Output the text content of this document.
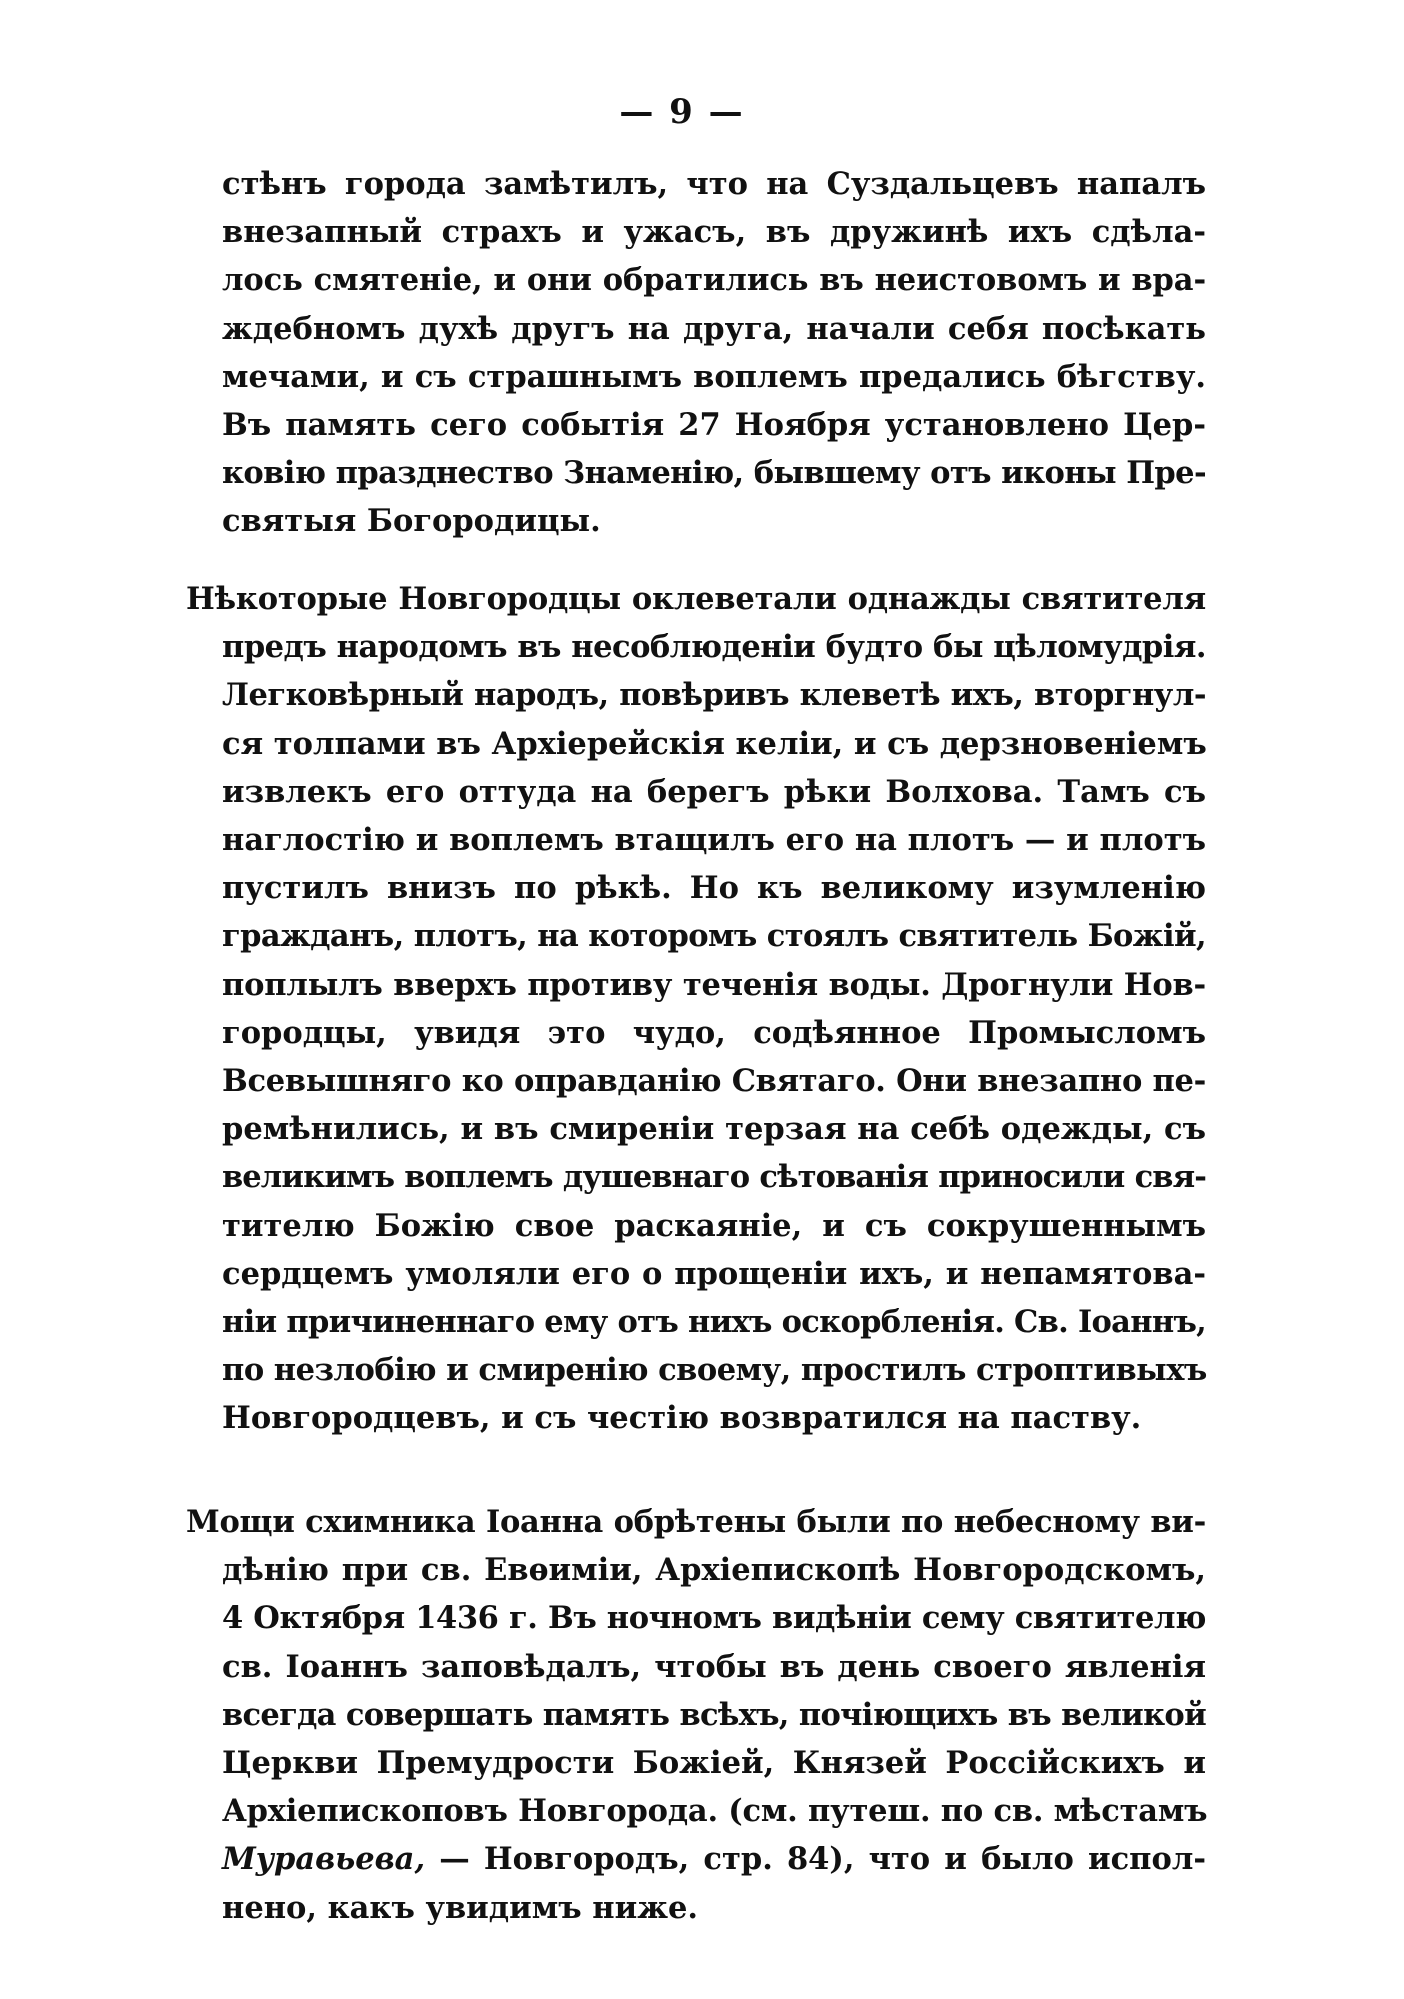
— 9 —
стѣнъ города замѣтилъ, что на Суздальцевъ напалъ
внезапный страхъ и ужасъ, въ дружинѣ ихъ сдѣла-
лось смятеніе, и они обратились въ неистовомъ и вра-
ждебномъ духѣ другъ на друга, начали себя посѣкать
мечами, и съ страшнымъ воплемъ предались бѣгству.
Въ память сего событія 27 Ноября установлено Цер-
ковію празднество Знаменію, бывшему отъ иконы Пре-
святыя Богородицы.
Нѣкоторые Новгородцы оклеветали однажды святителя
предъ народомъ въ несоблюденіи будто бы цѣломудрія.
Легковѣрный народъ, повѣривъ клеветѣ ихъ, вторгнул-
ся толпами въ Архіерейскія келіи, и съ дерзновеніемъ
извлекъ его оттуда на берегъ рѣки Волхова. Тамъ съ
наглостію и воплемъ втащилъ его на плотъ — и плотъ
пустилъ внизъ по рѣкѣ. Но къ великому изумленію
гражданъ, плотъ, на которомъ стоялъ святитель Божій,
поплылъ вверхъ противу теченія воды. Дрогнули Нов-
городцы, увидя это чудо, содѣянное Промысломъ
Всевышняго ко оправданію Святаго. Они внезапно пе-
ремѣнились, и въ смиреніи терзая на себѣ одежды, съ
великимъ воплемъ душевнаго сѣтованія приносили свя-
тителю Божію свое раскаяніе, и съ сокрушеннымъ
сердцемъ умоляли его о прощеніи ихъ, и непамятова-
ніи причиненнаго ему отъ нихъ оскорбленія. Св. Іоаннъ,
по незлобію и смиренію своему, простилъ строптивыхъ
Новгородцевъ, и съ честію возвратился на паству.
Мощи схимника Іоанна обрѣтены были по небесному ви-
дѣнію при св. Евѳиміи, Архіепископѣ Новгородскомъ,
4 Октября 1436 г. Въ ночномъ видѣніи сему святителю
св. Іоаннъ заповѣдалъ, чтобы въ день своего явленія
всегда совершать память всѣхъ, почіющихъ въ великой
Церкви Премудрости Божіей, Князей Россійскихъ и
Архіепископовъ Новгорода. (см. путеш. по св. мѣстамъ
Муравьева, — Новгородъ, стр. 84), что и было испол-
нено, какъ увидимъ ниже.
